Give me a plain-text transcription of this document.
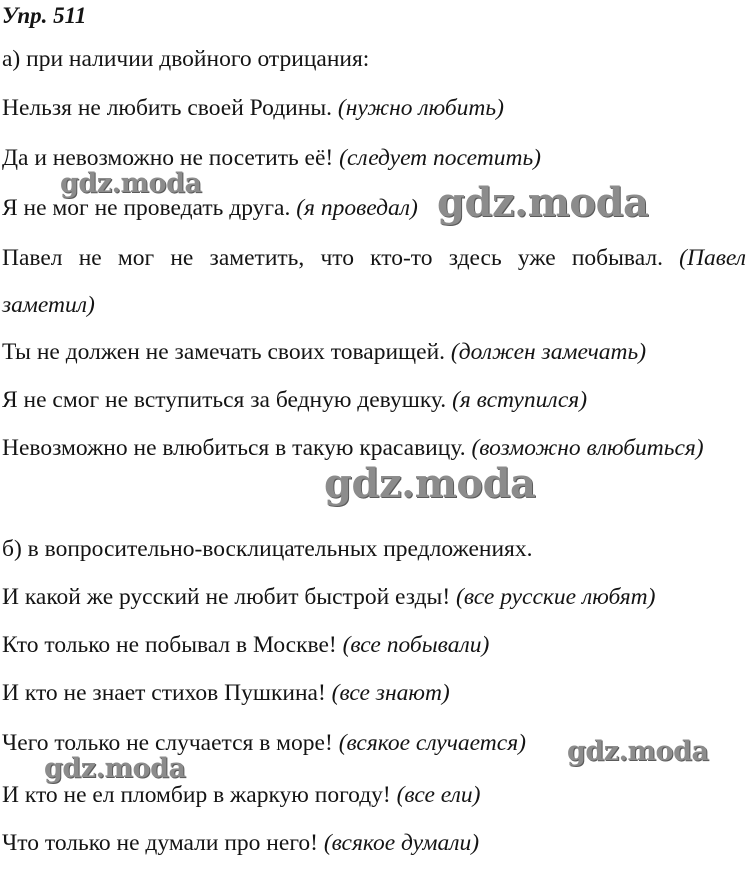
Упр. 511
а) при наличии двойного отрицания:
Нельзя не любить своей Родины. (нужно любить)
Да и невозможно не посетить её! (следует посетить)
Я не мог не проведать друга. (я проведал)
Павел не мог не заметить, что кто-то здесь уже побывал. (Павел
заметил)
Ты не должен не замечать своих товарищей. (должен замечать)
Я не смог не вступиться за бедную девушку. (я вступился)
Невозможно не влюбиться в такую красавицу. (возможно влюбиться)
б) в вопросительно-восклицательных предложениях.
И какой же русский не любит быстрой езды! (все русские любят)
Кто только не побывал в Москве! (все побывали)
И кто не знает стихов Пушкина! (все знают)
Чего только не случается в море! (всякое случается)
И кто не ел пломбир в жаркую погоду! (все ели)
Что только не думали про него! (всякое думали)
gdz.moda	gdz.moda
gdz.moda
gdz.moda
gdz.moda
